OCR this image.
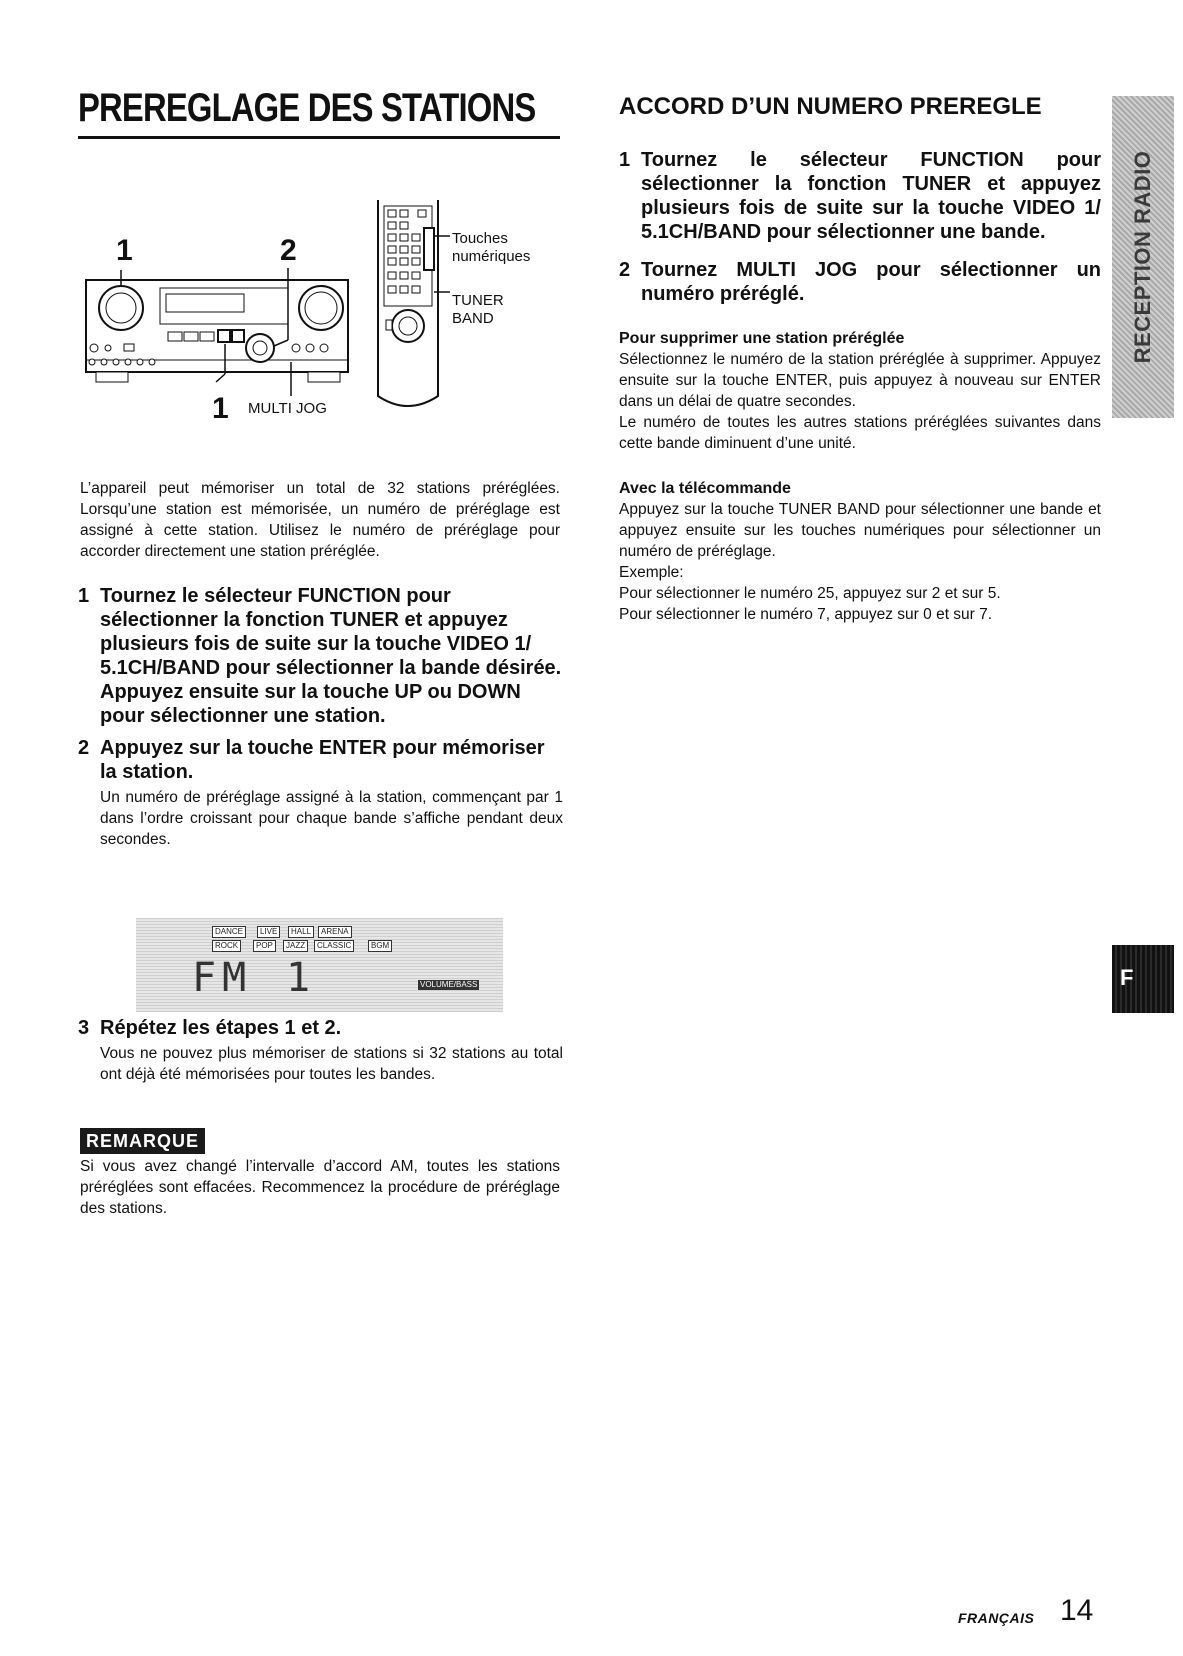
PREREGLAGE DES STATIONS
1	2
1
Touches numériques
TUNER BAND
MULTI JOG
L’appareil peut mémoriser un total de 32 stations préréglées. Lorsqu’une station est mémorisée, un numéro de préréglage est assigné à cette station. Utilisez le numéro de préréglage pour accorder directement une station préréglée.
1 Tournez le sélecteur FUNCTION pour sélectionner la fonction TUNER et appuyez plusieurs fois de suite sur la touche VIDEO 1/ 5.1CH/BAND pour sélectionner la bande désirée. Appuyez ensuite sur la touche UP ou DOWN pour sélectionner une station.
2 Appuyez sur la touche ENTER pour mémoriser la station.
Un numéro de préréglage assigné à la station, commençant par 1 dans l’ordre croissant pour chaque bande s’affiche pendant deux secondes.
DANCE	LIVE	HALL	ARENA
ROCK	POP	JAZZ	CLASSIC	BGM
FM 1	VOLUME/BASS
3 Répétez les étapes 1 et 2.
Vous ne pouvez plus mémoriser de stations si 32 stations au total ont déjà été mémorisées pour toutes les bandes.
REMARQUE
Si vous avez changé l’intervalle d’accord AM, toutes les stations préréglées sont effacées. Recommencez la procédure de préréglage des stations.
ACCORD D’UN NUMERO PREREGLE
1 Tournez le sélecteur FUNCTION pour sélectionner la fonction TUNER et appuyez plusieurs fois de suite sur la touche VIDEO 1/ 5.1CH/BAND pour sélectionner une bande.
2 Tournez MULTI JOG pour sélectionner un numéro préréglé.
Pour supprimer une station préréglée
Sélectionnez le numéro de la station préréglée à supprimer. Appuyez ensuite sur la touche ENTER, puis appuyez à nouveau sur ENTER dans un délai de quatre secondes.
Le numéro de toutes les autres stations préréglées suivantes dans cette bande diminuent d’une unité.
Avec la télécommande
Appuyez sur la touche TUNER BAND pour sélectionner une bande et appuyez ensuite sur les touches numériques pour sélectionner un numéro de préréglage.
Exemple:
Pour sélectionner le numéro 25, appuyez sur 2 et sur 5.
Pour sélectionner le numéro 7, appuyez sur 0 et sur 7.
RECEPTION RADIO
F
FRANÇAIS 14
